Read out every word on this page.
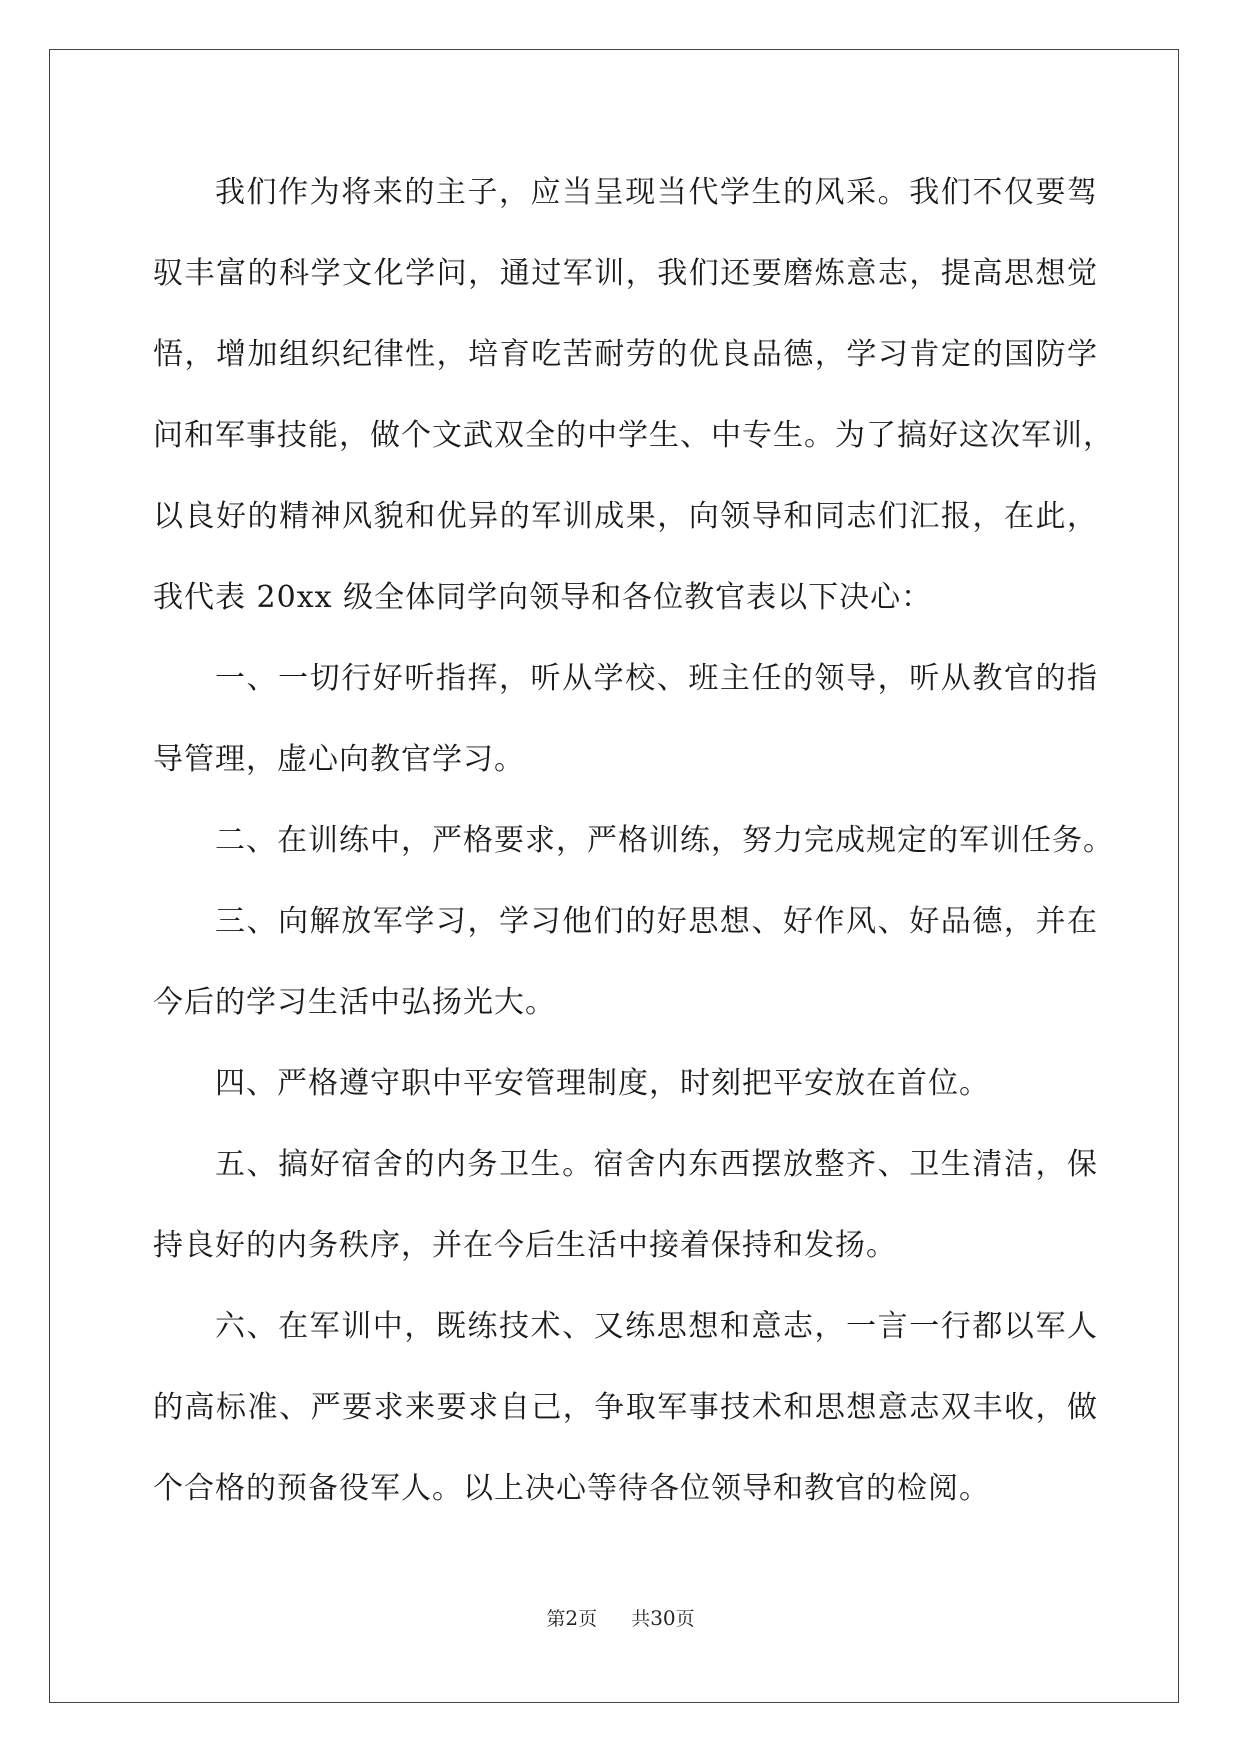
我们作为将来的主子，应当呈现当代学生的风采。我们不仅要驾
驭丰富的科学文化学问，通过军训，我们还要磨炼意志，提高思想觉
悟，增加组织纪律性，培育吃苦耐劳的优良品德，学习肯定的国防学
问和军事技能，做个文武双全的中学生、中专生。为了搞好这次军训，
以良好的精神风貌和优异的军训成果，向领导和同志们汇报，在此，
我代表 20xx 级全体同学向领导和各位教官表以下决心：
一、一切行好听指挥，听从学校、班主任的领导，听从教官的指
导管理，虚心向教官学习。
二、在训练中，严格要求，严格训练，努力完成规定的军训任务。
三、向解放军学习，学习他们的好思想、好作风、好品德，并在
今后的学习生活中弘扬光大。
四、严格遵守职中平安管理制度，时刻把平安放在首位。
五、搞好宿舍的内务卫生。宿舍内东西摆放整齐、卫生清洁，保
持良好的内务秩序，并在今后生活中接着保持和发扬。
六、在军训中，既练技术、又练思想和意志，一言一行都以军人
的高标准、严要求来要求自己，争取军事技术和思想意志双丰收，做
个合格的预备役军人。以上决心等待各位领导和教官的检阅。
第2页 共30页
